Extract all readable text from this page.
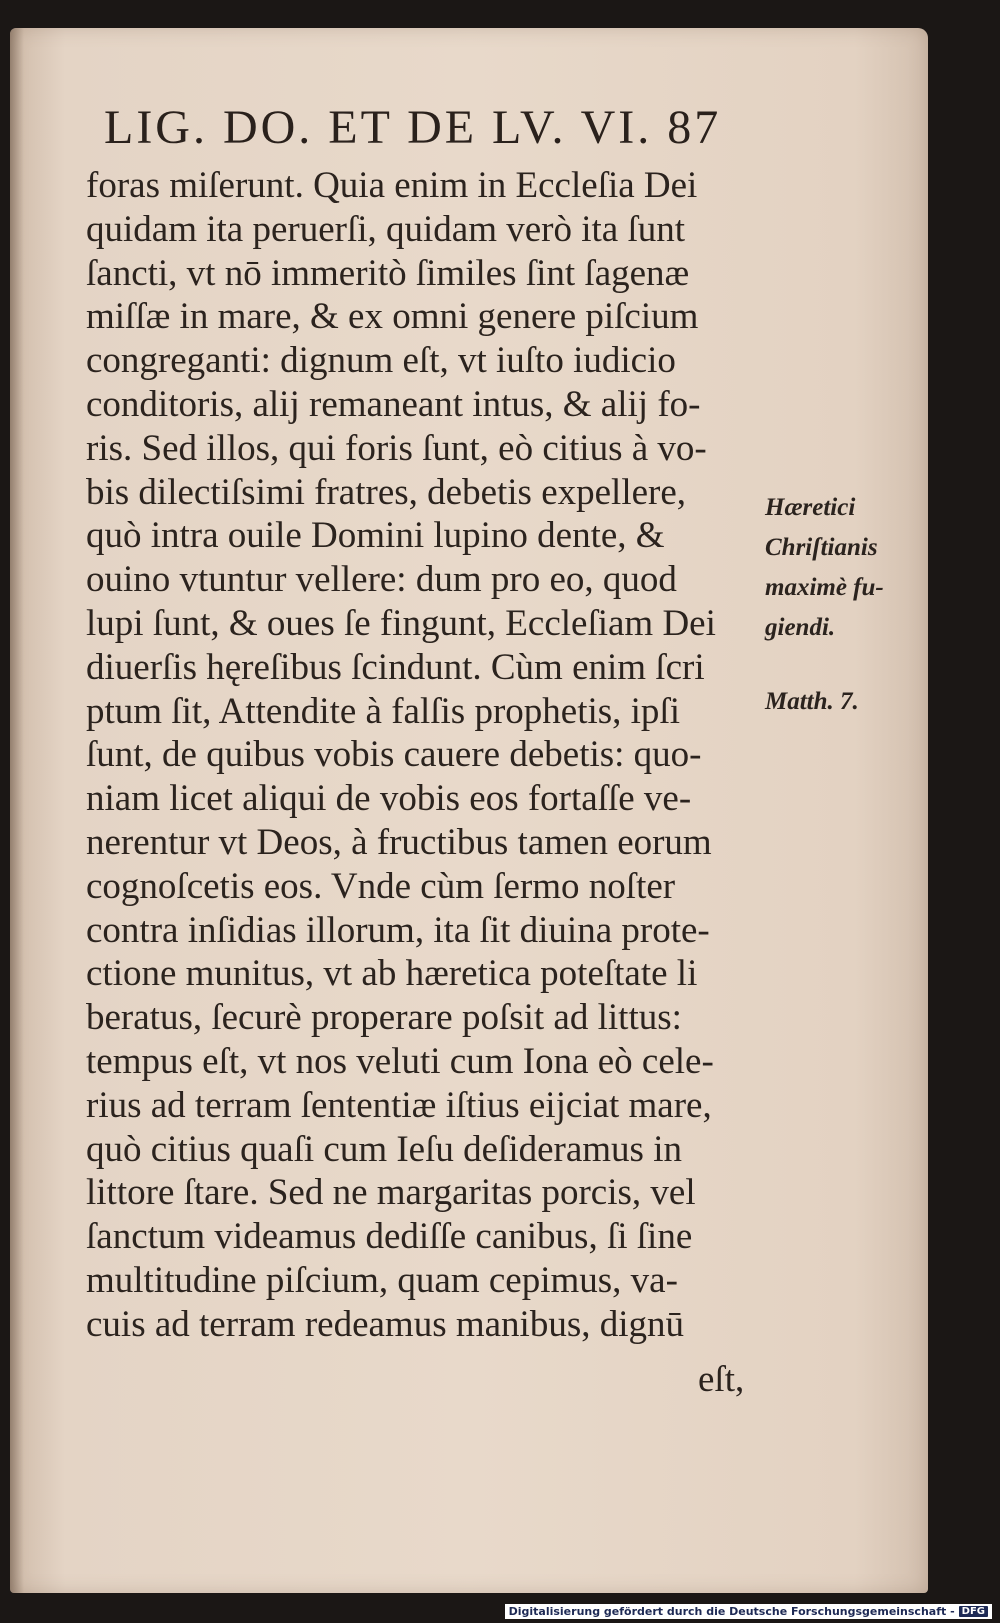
LIG. DO. ET DE LV. VI. 87
foras miſerunt. Quia enim in Eccleſia Dei
quidam ita peruerſi, quidam verò ita ſunt
ſancti, vt nō immeritò ſimiles ſint ſagenæ
miſſæ in mare, & ex omni genere piſcium
congreganti: dignum eſt, vt iuſto iudicio
conditoris, alij remaneant intus, & alij fo-
ris. Sed illos, qui foris ſunt, eò citius à vo-
bis dilectiſsimi fratres, debetis expellere,
quò intra ouile Domini lupino dente, &
ouino vtuntur vellere: dum pro eo, quod
lupi ſunt, & oues ſe fingunt, Eccleſiam Dei
diuerſis hęreſibus ſcindunt. Cùm enim ſcri
ptum ſit, Attendite à falſis prophetis, ipſi
ſunt, de quibus vobis cauere debetis: quo-
niam licet aliqui de vobis eos fortaſſe ve-
nerentur vt Deos, à fructibus tamen eorum
cognoſcetis eos. Vnde cùm ſermo noſter
contra inſidias illorum, ita ſit diuina prote-
ctione munitus, vt ab hæretica poteſtate li
beratus, ſecurè properare poſsit ad littus:
tempus eſt, vt nos veluti cum Iona eò cele-
rius ad terram ſententiæ iſtius eijciat mare,
quò citius quaſi cum Ieſu deſideramus in
littore ſtare. Sed ne margaritas porcis, vel
ſanctum videamus dediſſe canibus, ſi ſine
multitudine piſcium, quam cepimus, va-
cuis ad terram redeamus manibus, dignū
Hæretici
Chriſtianis
maximè fu-
giendi.
Matth. 7.
eſt,
Digitalisierung gefördert durch die Deutsche Forschungsgemeinschaft - DFG
